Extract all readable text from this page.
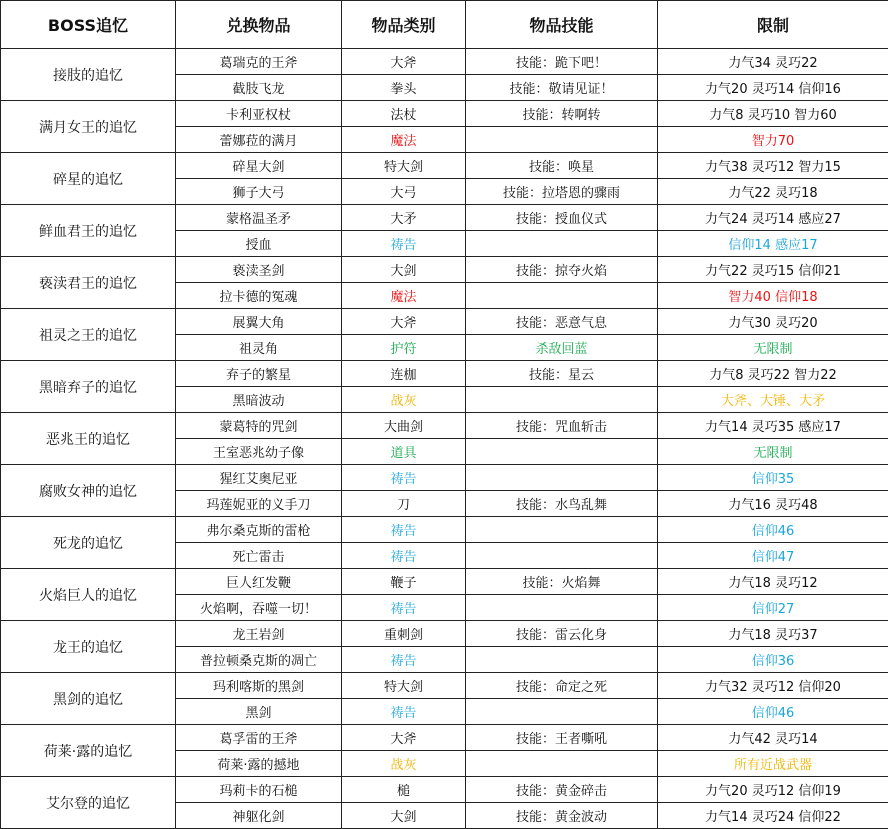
BOSS追忆	兑换物品	物品类别	物品技能	限制
接肢的追忆	葛瑞克的王斧	大斧	技能：跪下吧！	力气34 灵巧22
	截肢飞龙	拳头	技能：敬请见证！	力气20 灵巧14 信仰16
满月女王的追忆	卡利亚权杖	法杖	技能：转啊转	力气8 灵巧10 智力60
	蕾娜菈的满月	魔法		智力70
碎星的追忆	碎星大剑	特大剑	技能：唤星	力气38 灵巧12 智力15
	狮子大弓	大弓	技能：拉塔恩的骤雨	力气22 灵巧18
鲜血君王的追忆	蒙格温圣矛	大矛	技能：授血仪式	力气24 灵巧14 感应27
	授血	祷告		信仰14 感应17
亵渎君王的追忆	亵渎圣剑	大剑	技能：掠夺火焰	力气22 灵巧15 信仰21
	拉卡德的冤魂	魔法		智力40 信仰18
祖灵之王的追忆	展翼大角	大斧	技能：恶意气息	力气30 灵巧20
	祖灵角	护符	杀敌回蓝	无限制
黑暗弃子的追忆	弃子的繁星	连枷	技能：星云	力气8 灵巧22 智力22
	黑暗波动	战灰		大斧、大锤、大矛
恶兆王的追忆	蒙葛特的咒剑	大曲剑	技能：咒血斩击	力气14 灵巧35 感应17
	王室恶兆幼子像	道具		无限制
腐败女神的追忆	猩红艾奥尼亚	祷告		信仰35
	玛莲妮亚的义手刀	刀	技能：水鸟乱舞	力气16 灵巧48
死龙的追忆	弗尔桑克斯的雷枪	祷告		信仰46
	死亡雷击	祷告		信仰47
火焰巨人的追忆	巨人红发鞭	鞭子	技能：火焰舞	力气18 灵巧12
	火焰啊，吞噬一切！	祷告		信仰27
龙王的追忆	龙王岩剑	重刺剑	技能：雷云化身	力气18 灵巧37
	普拉顿桑克斯的凋亡	祷告		信仰36
黑剑的追忆	玛利喀斯的黑剑	特大剑	技能：命定之死	力气32 灵巧12 信仰20
	黑剑	祷告		信仰46
荷莱·露的追忆	葛孚雷的王斧	大斧	技能：王者嘶吼	力气42 灵巧14
	荷莱·露的撼地	战灰		所有近战武器
艾尔登的追忆	玛莉卡的石槌	槌	技能：黄金碎击	力气20 灵巧12 信仰19
	神躯化剑	大剑	技能：黄金波动	力气14 灵巧24 信仰22
